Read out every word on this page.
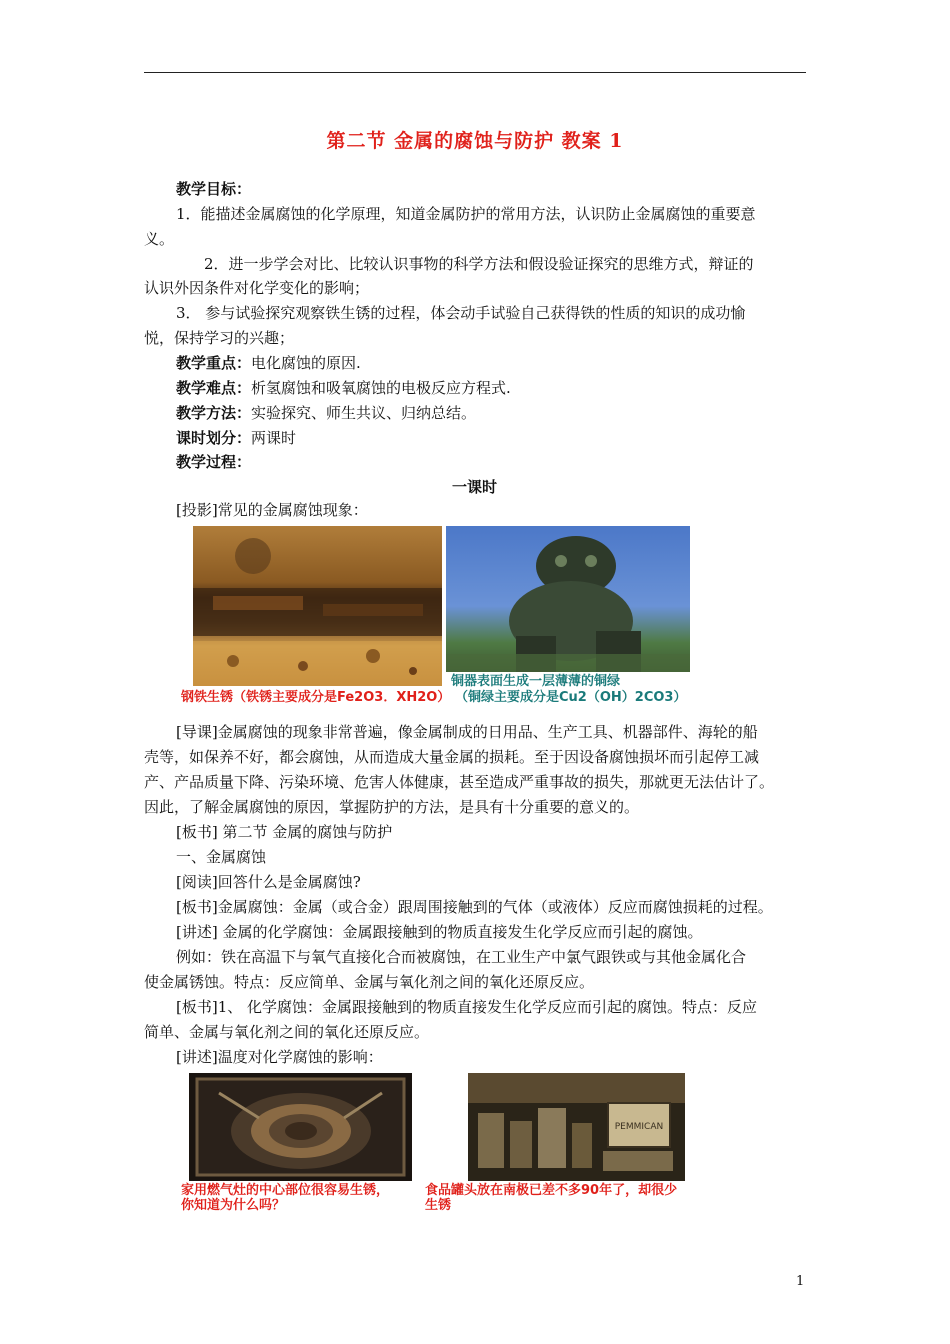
第二节 金属的腐蚀与防护 教案 1
教学目标：
1．能描述金属腐蚀的化学原理，知道金属防护的常用方法，认识防止金属腐蚀的重要意
义。
2．进一步学会对比、比较认识事物的科学方法和假设验证探究的思维方式，辩证的
认识外因条件对化学变化的影响；
3． 参与试验探究观察铁生锈的过程，体会动手试验自己获得铁的性质的知识的成功愉
悦，保持学习的兴趣；
教学重点：电化腐蚀的原因.
教学难点：析氢腐蚀和吸氧腐蚀的电极反应方程式.
教学方法：实验探究、师生共议、归纳总结。
课时划分：两课时
教学过程：
一课时
[投影]常见的金属腐蚀现象：
钢铁生锈（铁锈主要成分是Fe2O3．XH2O）
铜器表面生成一层薄薄的铜绿
（铜绿主要成分是Cu2（OH）2CO3）
[导课]金属腐蚀的现象非常普遍，像金属制成的日用品、生产工具、机器部件、海轮的船
壳等，如保养不好，都会腐蚀，从而造成大量金属的损耗。至于因设备腐蚀损坏而引起停工减
产、产品质量下降、污染环境、危害人体健康，甚至造成严重事故的损失，那就更无法估计了。
因此，了解金属腐蚀的原因，掌握防护的方法，是具有十分重要的意义的。
[板书] 第二节 金属的腐蚀与防护
一、金属腐蚀
[阅读]回答什么是金属腐蚀?
[板书]金属腐蚀：金属（或合金）跟周围接触到的气体（或液体）反应而腐蚀损耗的过程。
[讲述] 金属的化学腐蚀：金属跟接触到的物质直接发生化学反应而引起的腐蚀。
例如：铁在高温下与氧气直接化合而被腐蚀，在工业生产中氯气跟铁或与其他金属化合
使金属锈蚀。特点：反应简单、金属与氧化剂之间的氧化还原反应。
[板书]1、 化学腐蚀：金属跟接触到的物质直接发生化学反应而引起的腐蚀。特点：反应
简单、金属与氧化剂之间的氧化还原反应。
[讲述]温度对化学腐蚀的影响：
PEMMICAN
家用燃气灶的中心部位很容易生锈，
你知道为什么吗？
食品罐头放在南极已差不多90年了，却很少
生锈
1
